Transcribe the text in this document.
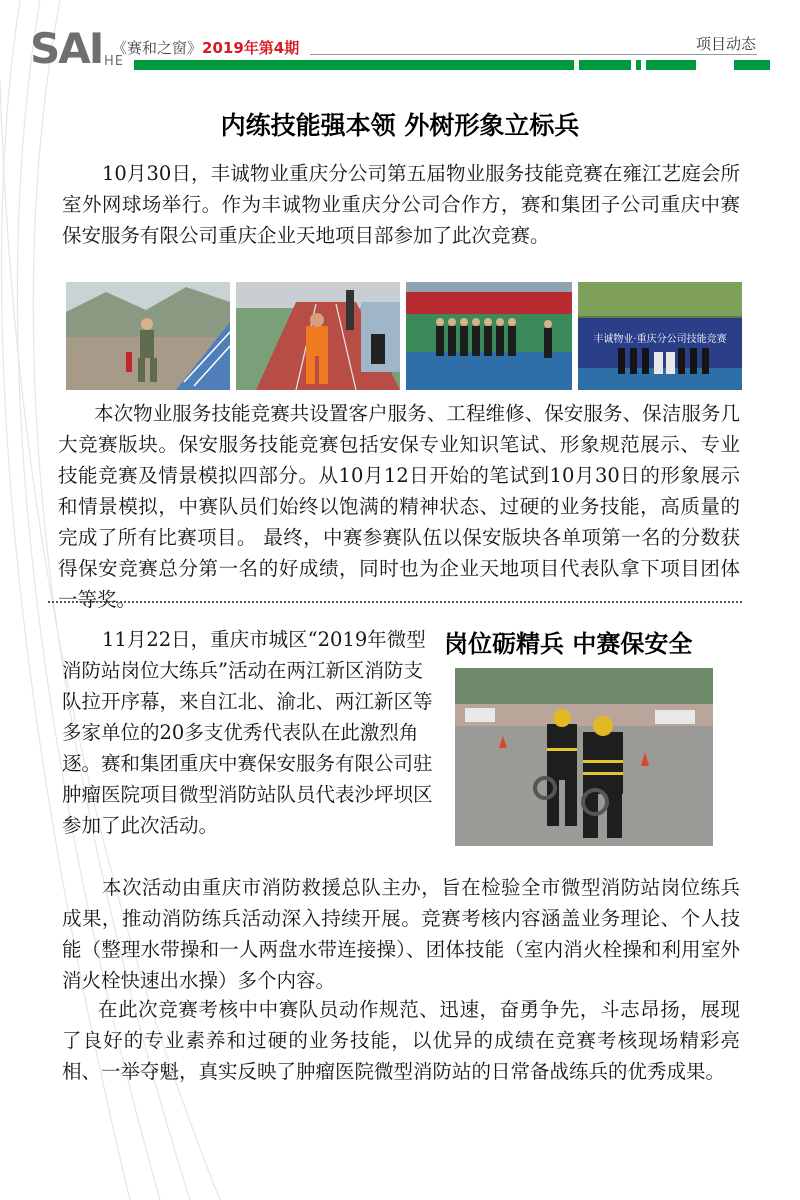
SAI HE
《赛和之窗》2019年第4期	项目动态
内练技能强本领 外树形象立标兵

10月30日，丰诚物业重庆分公司第五届物业服务技能竞赛在雍江艺庭会所室外网球场举行。作为丰诚物业重庆分公司合作方，赛和集团子公司重庆中赛保安服务有限公司重庆企业天地项目部参加了此次竞赛。

丰诚物业·重庆分公司技能竞赛

本次物业服务技能竞赛共设置客户服务、工程维修、保安服务、保洁服务几大竞赛版块。保安服务技能竞赛包括安保专业知识笔试、形象规范展示、专业技能竞赛及情景模拟四部分。从10月12日开始的笔试到10月30日的形象展示和情景模拟，中赛队员们始终以饱满的精神状态、过硬的业务技能，高质量的完成了所有比赛项目。 最终，中赛参赛队伍以保安版块各单项第一名的分数获得保安竞赛总分第一名的好成绩，同时也为企业天地项目代表队拿下项目团体一等奖。

岗位砺精兵 中赛保安全

11月22日，重庆市城区“2019年微型消防站岗位大练兵”活动在两江新区消防支队拉开序幕，来自江北、渝北、两江新区等多家单位的20多支优秀代表队在此激烈角逐。赛和集团重庆中赛保安服务有限公司驻肿瘤医院项目微型消防站队员代表沙坪坝区参加了此次活动。

本次活动由重庆市消防救援总队主办，旨在检验全市微型消防站岗位练兵成果，推动消防练兵活动深入持续开展。竞赛考核内容涵盖业务理论、个人技能（整理水带操和一人两盘水带连接操）、团体技能（室内消火栓操和利用室外消火栓快速出水操）多个内容。

在此次竞赛考核中中赛队员动作规范、迅速，奋勇争先，斗志昂扬，展现了良好的专业素养和过硬的业务技能，以优异的成绩在竞赛考核现场精彩亮相、一举夺魁，真实反映了肿瘤医院微型消防站的日常备战练兵的优秀成果。
